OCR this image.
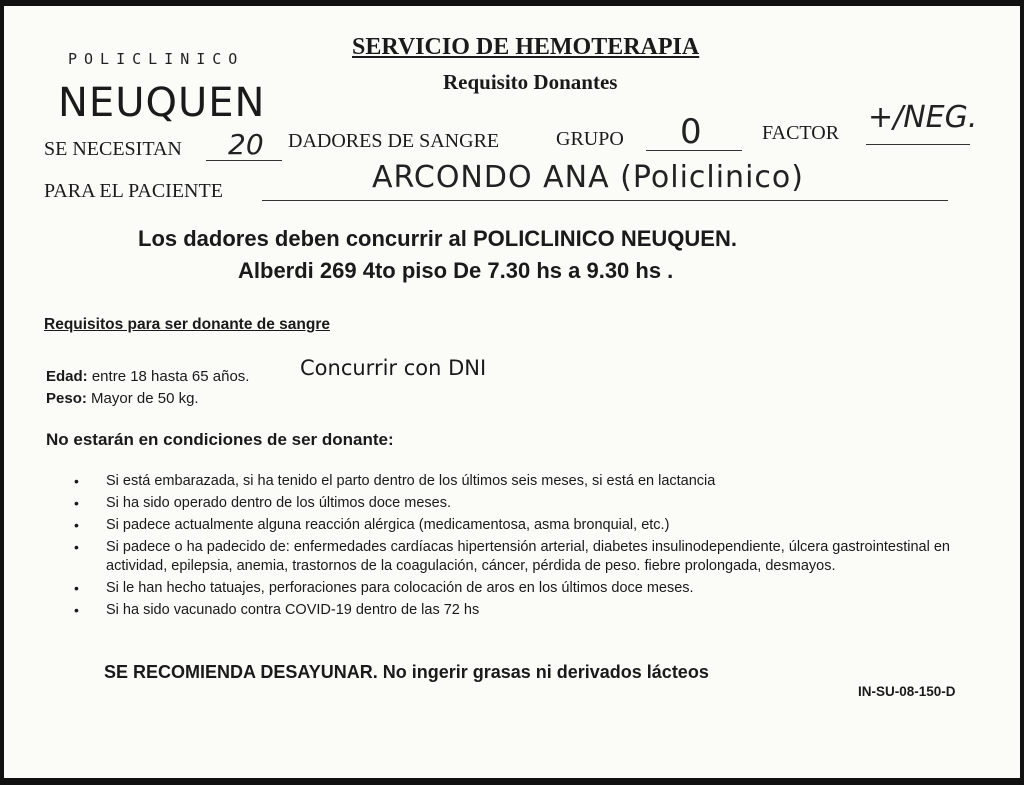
POLICLINICO
NEUQUEN
SERVICIO DE HEMOTERAPIA
Requisito Donantes
SE NECESITAN 20 DADORES DE SANGRE	GRUPO 0	FACTOR +/NEG.
PARA EL PACIENTE	ARCONDO ANA (Policlinico)
Los dadores deben concurrir al POLICLINICO NEUQUEN.
Alberdi 269 4to piso De 7.30 hs a 9.30 hs .
Requisitos para ser donante de sangre
Edad: entre 18 hasta 65 años. Concurrir con DNI
Peso: Mayor de 50 kg.
No estarán en condiciones de ser donante:
• Si está embarazada, si ha tenido el parto dentro de los últimos seis meses, si está en lactancia
• Si ha sido operado dentro de los últimos doce meses.
• Si padece actualmente alguna reacción alérgica (medicamentosa, asma bronquial, etc.)
• Si padece o ha padecido de: enfermedades cardíacas hipertensión arterial, diabetes insulinodependiente, úlcera gastrointestinal en actividad, epilepsia, anemia, trastornos de la coagulación, cáncer, pérdida de peso. fiebre prolongada, desmayos.
• Si le han hecho tatuajes, perforaciones para colocación de aros en los últimos doce meses.
• Si ha sido vacunado contra COVID-19 dentro de las 72 hs
SE RECOMIENDA DESAYUNAR. No ingerir grasas ni derivados lácteos
IN-SU-08-150-D
